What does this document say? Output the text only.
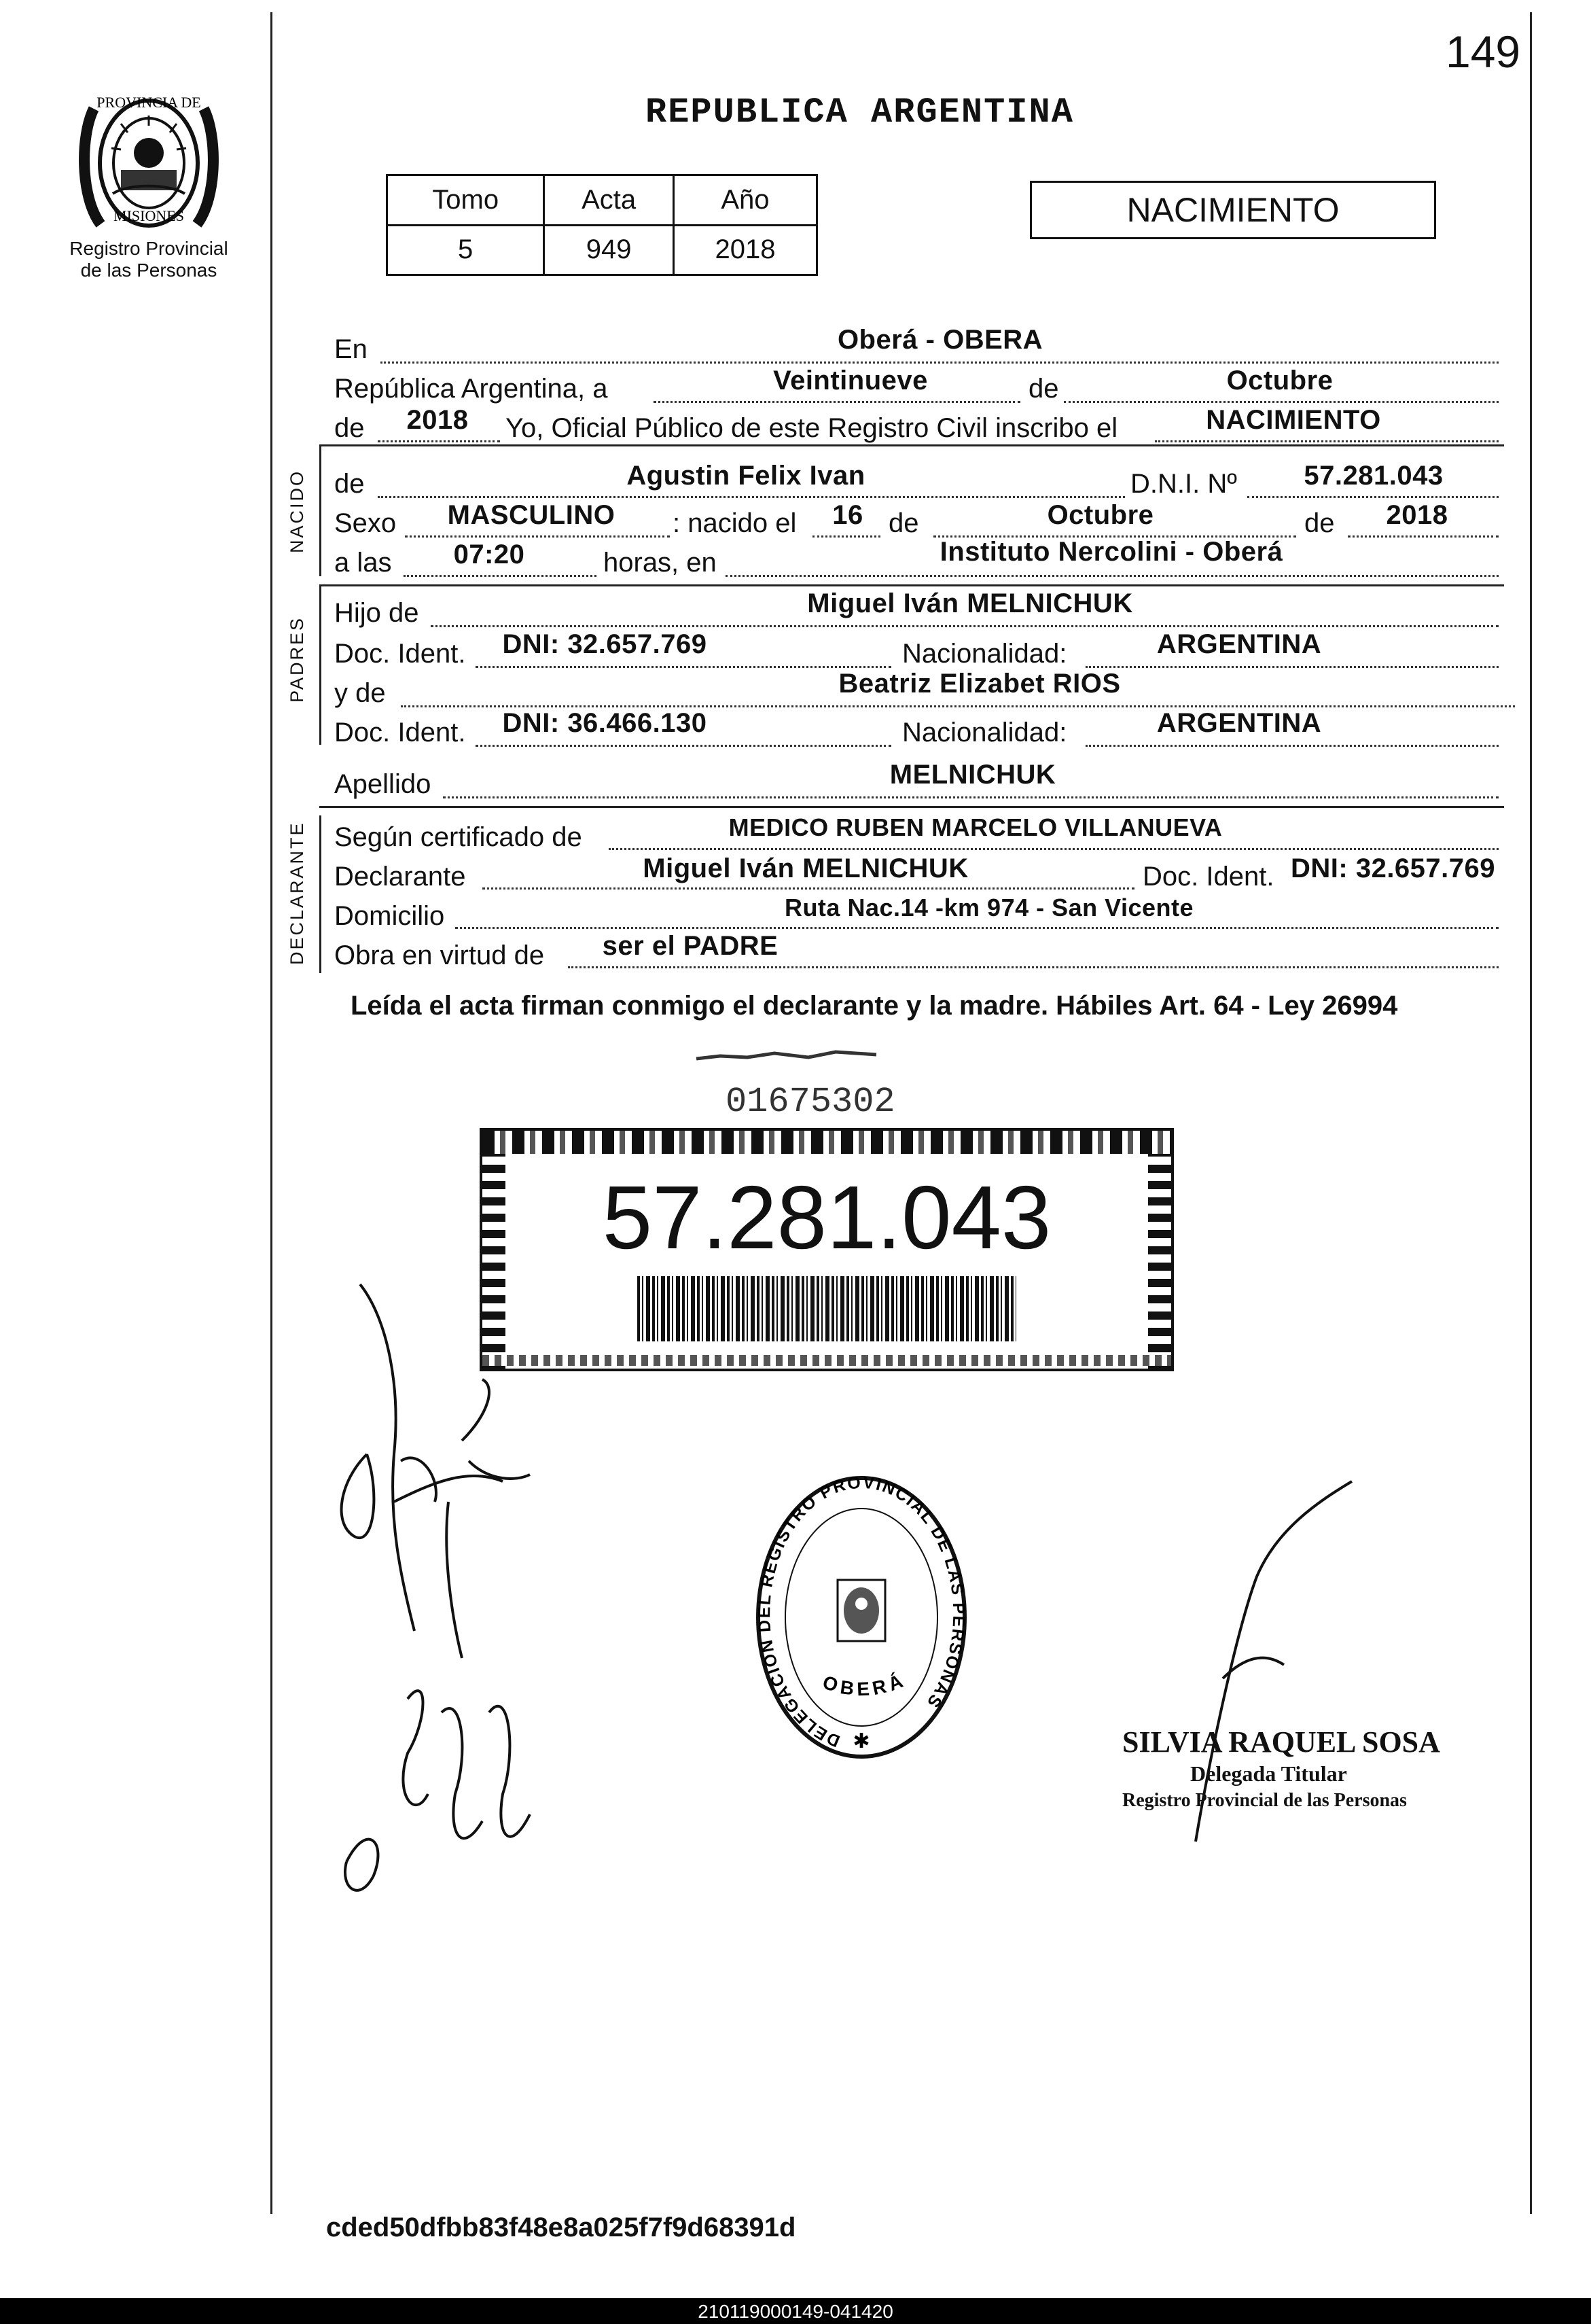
149
PROVINCIA DE
MISIONES
Registro Provincial
de las Personas
REPUBLICA ARGENTINA
Tomo	Acta	Año
5	949	2018
NACIMIENTO
En	Oberá - OBERA
República Argentina, a	Veintinueve	de	Octubre
de 2018 Yo, Oficial Público de este Registro Civil inscribo el	NACIMIENTO
NACIDO de	Agustin Felix Ivan	D.N.I. Nº 57.281.043
Sexo MASCULINO : nacido el 16 de	Octubre	de 2018
a las 07:20	horas, en	Instituto Nercolini - Oberá
PADRES
Hijo de	Miguel Iván MELNICHUK
Doc. Ident. DNI: 32.657.769	Nacionalidad:	ARGENTINA
y de	Beatriz Elizabet RIOS
Doc. Ident. DNI: 36.466.130	Nacionalidad:	ARGENTINA
Apellido	MELNICHUK
DECLARANTE Según certificado de	MEDICO RUBEN MARCELO VILLANUEVA
Declarante	Miguel Iván MELNICHUK	Doc. Ident. DNI: 32.657.769
Domicilio	Ruta Nac.14 -km 974 - San Vicente
Obra en virtud de ser el PADRE
Leída el acta firman conmigo el declarante y la madre. Hábiles Art. 64 - Ley 26994
01675302
57.281.043
DELEGACION DEL REGISTRO PROVINCIAL DE LAS PERSONAS
OBERÁ
✱	SILVIA RAQUEL SOSA
Delegada Titular
Registro Provincial de las Personas
cded50dfbb83f48e8a025f7f9d68391d
210119000149-041420
